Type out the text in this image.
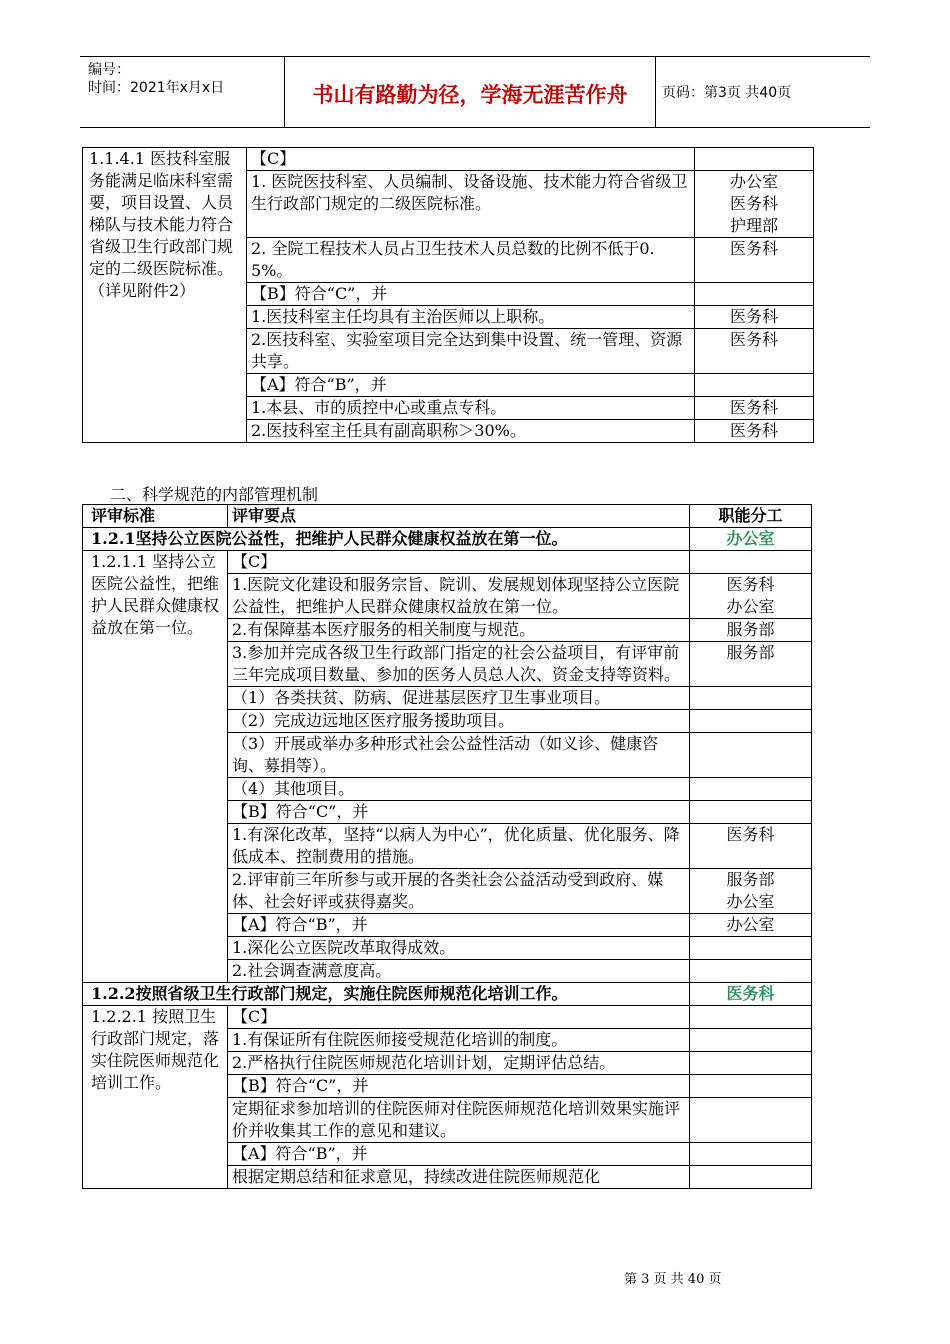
编号：
时间：2021年x月x日	书山有路勤为径，学海无涯苦作舟	页码：第3页 共40页
1.1.4.1 医技科室服务能满足临床科室需要，项目设置、人员梯队与技术能力符合省级卫生行政部门规定的二级医院标准。 （详见附件2）	【C】	
	1. 医院医技科室、人员编制、设备设施、技术能力符合省级卫生行政部门规定的二级医院标准。	办公室
医务科
护理部
	2. 全院工程技术人员占卫生技术人员总数的比例不低于0.5%。	医务科
	【B】符合“C”，并	
	1.医技科室主任均具有主治医师以上职称。	医务科
	2.医技科室、实验室项目完全达到集中设置、统一管理、资源共享。	医务科
	【A】符合“B”，并	
	1.本县、市的质控中心或重点专科。	医务科
	2.医技科室主任具有副高职称＞30%。	医务科
二、科学规范的内部管理机制
评审标准	评审要点	职能分工
1.2.1坚持公立医院公益性，把维护人民群众健康权益放在第一位。		办公室
1.2.1.1 坚持公立医院公益性，把维护人民群众健康权益放在第一位。	【C】	
	1.医院文化建设和服务宗旨、院训、发展规划体现坚持公立医院公益性，把维护人民群众健康权益放在第一位。	医务科
办公室
	2.有保障基本医疗服务的相关制度与规范。	服务部
	3.参加并完成各级卫生行政部门指定的社会公益项目，有评审前三年完成项目数量、参加的医务人员总人次、资金支持等资料。	服务部
	（1）各类扶贫、防病、促进基层医疗卫生事业项目。	
	（2）完成边远地区医疗服务援助项目。	
	（3）开展或举办多种形式社会公益性活动（如义诊、健康咨询、募捐等）。	
	（4）其他项目。	
	【B】符合“C”，并	
	1.有深化改革，坚持“以病人为中心”，优化质量、优化服务、降低成本、控制费用的措施。	医务科
	2.评审前三年所参与或开展的各类社会公益活动受到政府、媒体、社会好评或获得嘉奖。	服务部
办公室
	【A】符合“B”，并	办公室
	1.深化公立医院改革取得成效。	
	2.社会调查满意度高。	
1.2.2按照省级卫生行政部门规定，实施住院医师规范化培训工作。		医务科
1.2.2.1 按照卫生行政部门规定，落实住院医师规范化培训工作。	【C】	
	1.有保证所有住院医师接受规范化培训的制度。	
	2.严格执行住院医师规范化培训计划，定期评估总结。	
	【B】符合“C”，并	
	定期征求参加培训的住院医师对住院医师规范化培训效果实施评价并收集其工作的意见和建议。	
	【A】符合“B”，并	
	根据定期总结和征求意见，持续改进住院医师规范化	
第 3 页 共 40 页
